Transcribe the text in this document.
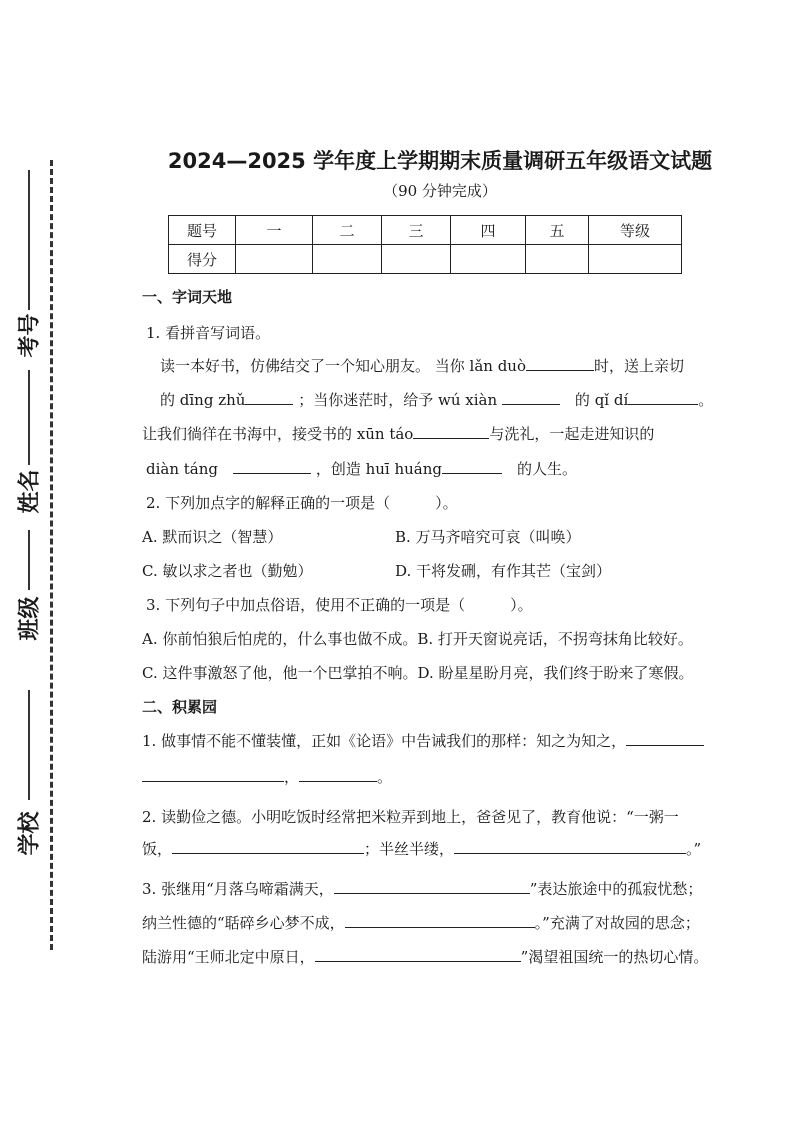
学校
班级
姓名
考号
2024—2025 学年度上学期期末质量调研五年级语文试题
（90 分钟完成）
题号	一	二	三	四	五	等级
得分						
一、字词天地
1. 看拼音写词语。
读一本好书，仿佛结交了一个知心朋友。 当你 lǎn duò	时，送上亲切
的 dīng zhǔ	；当你迷茫时，给予 wú xiàn 　	的 qǐ dí	。
让我们徜徉在书海中，接受书的 xūn táo	与洗礼，一起走进知识的
diàn táng　	，创造 huī huáng　	的人生。
2. 下列加点字的解释正确的一项是（　　　）。
A. 默而识之（智慧）	B. 万马齐喑究可哀（叫唤）
C. 敏以求之者也（勤勉）	D. 干将发硎，有作其芒（宝剑）
3. 下列句子中加点俗语，使用不正确的一项是（　　　）。
A. 你前怕狼后怕虎的，什么事也做不成。B. 打开天窗说亮话，不拐弯抹角比较好。
C. 这件事激怒了他，他一个巴掌拍不响。D. 盼星星盼月亮，我们终于盼来了寒假。
二、积累园
1. 做事情不能不懂装懂，正如《论语》中告诫我们的那样：知之为知之，
，	。
2. 读勤俭之德。小明吃饭时经常把米粒弄到地上，爸爸见了，教育他说：“一粥一
饭，	；半丝半缕，	。”
3. 张继用“月落乌啼霜满天，	”表达旅途中的孤寂忧愁；
纳兰性德的“聒碎乡心梦不成，	。”充满了对故园的思念；
陆游用“王师北定中原日，	”渴望祖国统一的热切心情。
